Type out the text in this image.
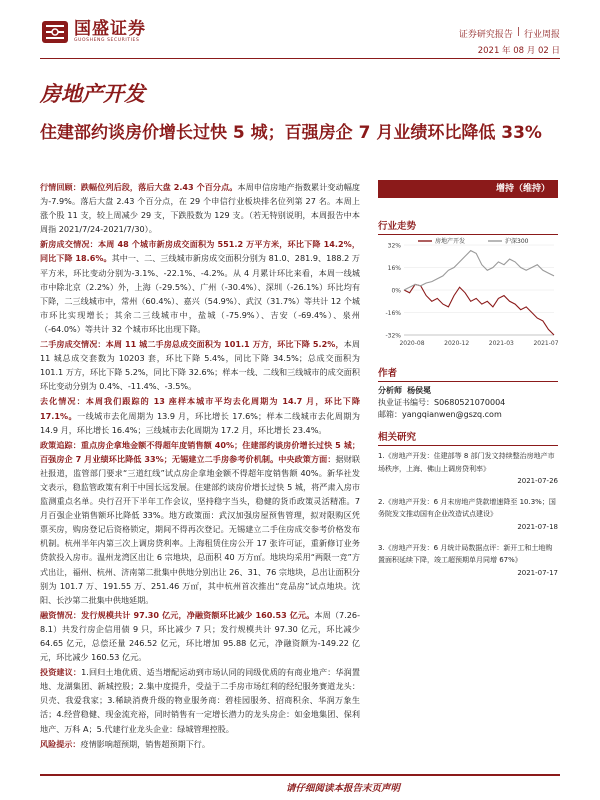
国盛证券
GUOSHENG SECURITIES
证券研究报告 | 行业周报
2021 年 08 月 02 日
房地产开发
住建部约谈房价增长过快 5 城；百强房企 7 月业绩环比降低 33%

行情回顾：跌幅位列后段，落后大盘 2.43 个百分点。本周申信房地产指数累计变动幅度为-7.9%。落后大盘 2.43 个百分点，在 29 个申信行业板块排名位列第 27 名。本周上涨个股 11 支，较上周减少 29 支，下跌股数为 129 支。（若无特别说明，本周报告中本周指 2021/7/24-2021/7/30）。

新房成交情况：本周 48 个城市新房成交面积为 551.2 万平方米，环比下降 14.2%，同比下降 18.6%。其中一、二、三线城市新房成交面积分别为 81.0、281.9、188.2 万平方米，环比变动分别为-3.1%、-22.1%、-4.2%。从 4 月累计环比来看，本周一线城市中除北京（2.2%）外，上海（-29.5%）、广州（-30.4%）、深圳（-26.1%）环比均有下降，二三线城市中，常州（60.4%）、嘉兴（54.9%）、武汉（31.7%）等共计 12 个城市环比实现增长；其余二三线城市中，盐城（-75.9%）、吉安（-69.4%）、泉州（-64.0%）等共计 32 个城市环比出现下降。

二手房成交情况：本周 11 城二手房总成交面积为 101.1 万方，环比下降 5.2%，本周 11 城总成交套数为 10203 套，环比下降 5.4%，同比下降 34.5%；总成交面积为 101.1 万方，环比下降 5.2%，同比下降 32.6%；样本一线、二线和三线城市的成交面积环比变动分别为 0.4%、-11.4%、-3.5%。

去化情况：本周我们跟踪的 13 座样本城市平均去化周期为 14.7 月，环比下降 17.1%。一线城市去化周期为 13.9 月，环比增长 17.6%；样本二线城市去化周期为 14.9 月，环比增长 16.4%；三线城市去化周期为 17.2 月，环比增长 23.4%。

政策追踪：重点房企拿地金额不得超年度销售额 40%；住建部约谈房价增长过快 5 城；百强房企 7 月业绩环比降低 33%；无锡建立二手房参考价机制。中央政策方面：据财联社报道，监管部门要求“三道红线”试点房企拿地金额不得超年度销售额 40%。新华社发文表示，稳监管政策有利于中国长远发展。住建部约谈房价增长过快 5 城，将严肃入房市监测重点名单。央行召开下半年工作会议，坚持稳字当头，稳健的货币政策灵活精准。7 月百强企业销售额环比降低 33%。地方政策面：武汉加强房屋预售管理，拟对限购区凭票买房，购房登记后资格锁定，期间不得再次登记。无锡建立二手住房成交参考价格发布机制。杭州半年内第三次上调房贷利率。上海租赁住房公开 17 张许可证，重新修订业务贷款投入房市。温州龙湾区出让 6 宗地块，总面积 40 万方㎡。地块均采用“两限一竞”方式出让，福州、杭州、济南第二批集中供地分别出让 26、31、76 宗地块，总出让面积分别为 101.7 万、191.55 万、251.46 万㎡，其中杭州首次推出“竞品房”试点地块。沈阳、长沙第二批集中供地延期。

融资情况：发行规模共计 97.30 亿元，净融资额环比减少 160.53 亿元。本周（7.26-8.1）共发行房企信用债 9 只，环比减少 7 只；发行规模共计 97.30 亿元，环比减少 64.65 亿元，总偿还量 246.52 亿元，环比增加 95.88 亿元，净融资额为-149.22 亿元，环比减少 160.53 亿元。

投资建议：1.回归土地优质、适当增配运动到市场认同的同级优质的有商业地产：华润置地、龙湖集团、新城控股；2.集中度提升，受益于二手房市场红利的经纪服务赛道龙头：贝壳、我爱我家；3.稀缺消费升级的物业服务商：碧桂园服务、招商积余、华润万象生活；4.经营稳健、现金流充裕，同时销售有一定增长潜力的龙头房企：如金地集团、保利地产、万科 A；5.代建行业龙头企业：绿城管理控股。

风险提示：疫情影响超预期，销售超预期下行。

增持（维持）
行业走势
32%
16%
0%
-16%
-32%
2020-08	2020-12	2021-03	2021-07
房地产开发	沪深300
作者
分析师 杨侯冕
执业证书编号：S0680521070004
邮箱：yangqianwen@gszq.com
相关研究
1.《房地产开发：住建部等 8 部门发文持续整治房地产市场秩序，上海、佛山上调房贷利率》
2021-07-26
2.《房地产开发：6 月末房地产贷款增速降至 10.3%；国务院发文推动国有企业改造试点建设》
2021-07-18
3.《房地产开发：6 月统计局数据点评：新开工和土地购置面积延续下降，竣工超预期单月同增 67%》
2021-07-17
请仔细阅读本报告末页声明
